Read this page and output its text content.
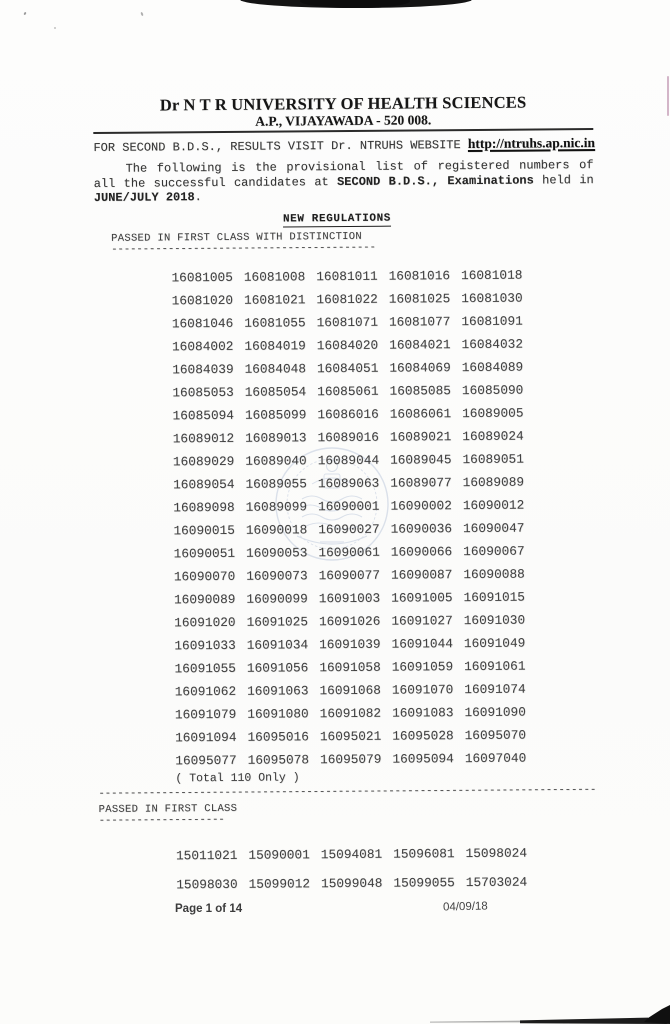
Dr N T R UNIVERSITY OF HEALTH SCIENCES
A.P., VIJAYAWADA - 520 008.
FOR SECOND B.D.S., RESULTS VISIT Dr. NTRUHS WEBSITE http://ntruhs.ap.nic.in
The following is the provisional list of registered numbers of
all the successful candidates at SECOND B.D.S., Examinations held in
JUNE/JULY 2018.
NEW REGULATIONS
PASSED IN FIRST CLASS WITH DISTINCTION
------------------------------------------
16081005 16081008 16081011 16081016 16081018
16081020 16081021 16081022 16081025 16081030
16081046 16081055 16081071 16081077 16081091
16084002 16084019 16084020 16084021 16084032
16084039 16084048 16084051 16084069 16084089
16085053 16085054 16085061 16085085 16085090
16085094 16085099 16086016 16086061 16089005
16089012 16089013 16089016 16089021 16089024
16089029 16089040 16089044 16089045 16089051
16089054 16089055 16089063 16089077 16089089
16089098 16089099 16090001 16090002 16090012
16090015 16090018 16090027 16090036 16090047
16090051 16090053 16090061 16090066 16090067
16090070 16090073 16090077 16090087 16090088
16090089 16090099 16091003 16091005 16091015
16091020 16091025 16091026 16091027 16091030
16091033 16091034 16091039 16091044 16091049
16091055 16091056 16091058 16091059 16091061
16091062 16091063 16091068 16091070 16091074
16091079 16091080 16091082 16091083 16091090
16091094 16095016 16095021 16095028 16095070
16095077 16095078 16095079 16095094 16097040
( Total 110 Only )
-------------------------------------------------------------------------------
PASSED IN FIRST CLASS
--------------------
15011021 15090001 15094081 15096081 15098024
15098030 15099012 15099048 15099055 15703024
Page 1 of 14	04/09/18
